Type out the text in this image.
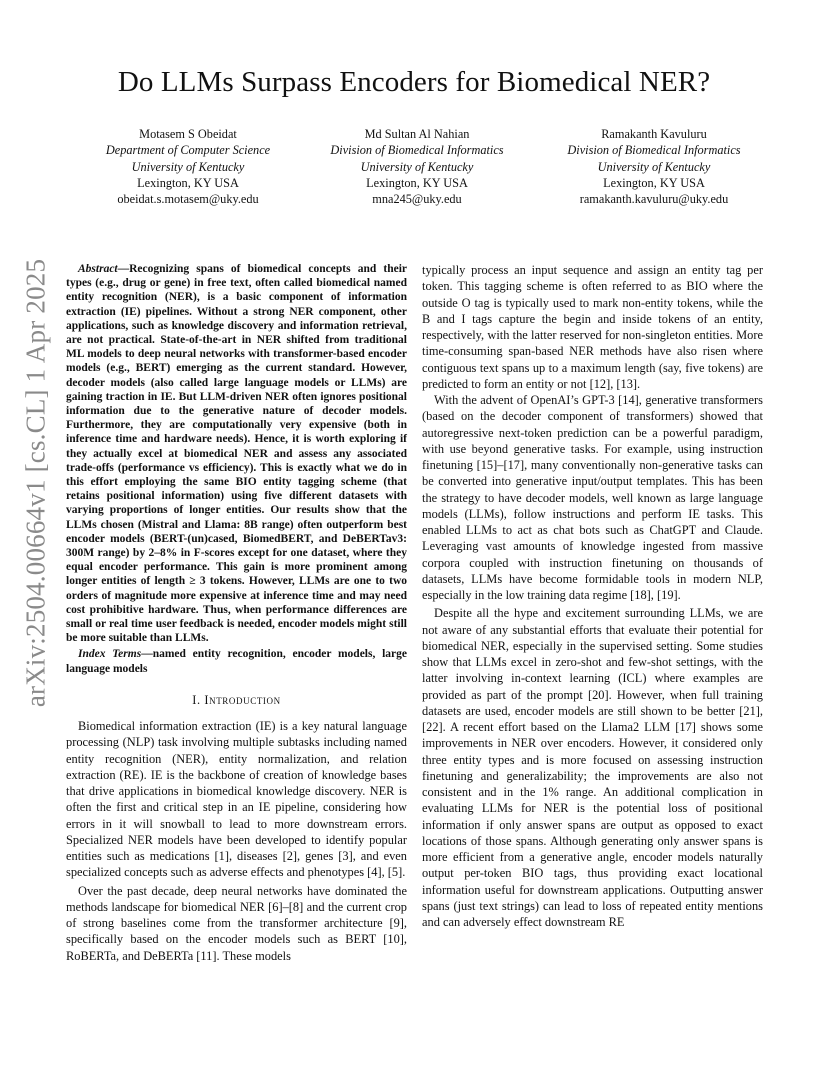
arXiv:2504.00664v1 [cs.CL] 1 Apr 2025
Do LLMs Surpass Encoders for Biomedical NER?
Motasem S Obeidat
Department of Computer Science
University of Kentucky
Lexington, KY USA
obeidat.s.motasem@uky.edu
Md Sultan Al Nahian
Division of Biomedical Informatics
University of Kentucky
Lexington, KY USA
mna245@uky.edu
Ramakanth Kavuluru
Division of Biomedical Informatics
University of Kentucky
Lexington, KY USA
ramakanth.kavuluru@uky.edu

Abstract—Recognizing spans of biomedical concepts and their types (e.g., drug or gene) in free text, often called biomedical named entity recognition (NER), is a basic component of information extraction (IE) pipelines. Without a strong NER component, other applications, such as knowledge discovery and information retrieval, are not practical. State-of-the-art in NER shifted from traditional ML models to deep neural networks with transformer-based encoder models (e.g., BERT) emerging as the current standard. However, decoder models (also called large language models or LLMs) are gaining traction in IE. But LLM-driven NER often ignores positional information due to the generative nature of decoder models. Furthermore, they are computationally very expensive (both in inference time and hardware needs). Hence, it is worth exploring if they actually excel at biomedical NER and assess any associated trade-offs (performance vs efficiency). This is exactly what we do in this effort employing the same BIO entity tagging scheme (that retains positional information) using five different datasets with varying proportions of longer entities. Our results show that the LLMs chosen (Mistral and Llama: 8B range) often outperform best encoder models (BERT-(un)cased, BiomedBERT, and DeBERTav3: 300M range) by 2–8% in F-scores except for one dataset, where they equal encoder performance. This gain is more prominent among longer entities of length ≥ 3 tokens. However, LLMs are one to two orders of magnitude more expensive at inference time and may need cost prohibitive hardware. Thus, when performance differences are small or real time user feedback is needed, encoder models might still be more suitable than LLMs.

Index Terms—named entity recognition, encoder models, large language models

I. Introduction

Biomedical information extraction (IE) is a key natural language processing (NLP) task involving multiple subtasks including named entity recognition (NER), entity normalization, and relation extraction (RE). IE is the backbone of creation of knowledge bases that drive applications in biomedical knowledge discovery. NER is often the first and critical step in an IE pipeline, considering how errors in it will snowball to lead to more downstream errors. Specialized NER models have been developed to identify popular entities such as medications [1], diseases [2], genes [3], and even specialized concepts such as adverse effects and phenotypes [4], [5].

Over the past decade, deep neural networks have dominated the methods landscape for biomedical NER [6]–[8] and the current crop of strong baselines come from the transformer architecture [9], specifically based on the encoder models such as BERT [10], RoBERTa, and DeBERTa [11]. These models

typically process an input sequence and assign an entity tag per token. This tagging scheme is often referred to as BIO where the outside O tag is typically used to mark non-entity tokens, while the B and I tags capture the begin and inside tokens of an entity, respectively, with the latter reserved for non-singleton entities. More time-consuming span-based NER methods have also risen where contiguous text spans up to a maximum length (say, five tokens) are predicted to form an entity or not [12], [13].

With the advent of OpenAI’s GPT-3 [14], generative transformers (based on the decoder component of transformers) showed that autoregressive next-token prediction can be a powerful paradigm, with use beyond generative tasks. For example, using instruction finetuning [15]–[17], many conventionally non-generative tasks can be converted into generative input/output templates. This has been the strategy to have decoder models, well known as large language models (LLMs), follow instructions and perform IE tasks. This enabled LLMs to act as chat bots such as ChatGPT and Claude. Leveraging vast amounts of knowledge ingested from massive corpora coupled with instruction finetuning on thousands of datasets, LLMs have become formidable tools in modern NLP, especially in the low training data regime [18], [19].

Despite all the hype and excitement surrounding LLMs, we are not aware of any substantial efforts that evaluate their potential for biomedical NER, especially in the supervised setting. Some studies show that LLMs excel in zero-shot and few-shot settings, with the latter involving in-context learning (ICL) where examples are provided as part of the prompt [20]. However, when full training datasets are used, encoder models are still shown to be better [21], [22]. A recent effort based on the Llama2 LLM [17] shows some improvements in NER over encoders. However, it considered only three entity types and is more focused on assessing instruction finetuning and generalizability; the improvements are also not consistent and in the 1% range. An additional complication in evaluating LLMs for NER is the potential loss of positional information if only answer spans are output as opposed to exact locations of those spans. Although generating only answer spans is more efficient from a generative angle, encoder models naturally output per-token BIO tags, thus providing exact locational information useful for downstream applications. Outputting answer spans (just text strings) can lead to loss of repeated entity mentions and can adversely effect downstream RE
